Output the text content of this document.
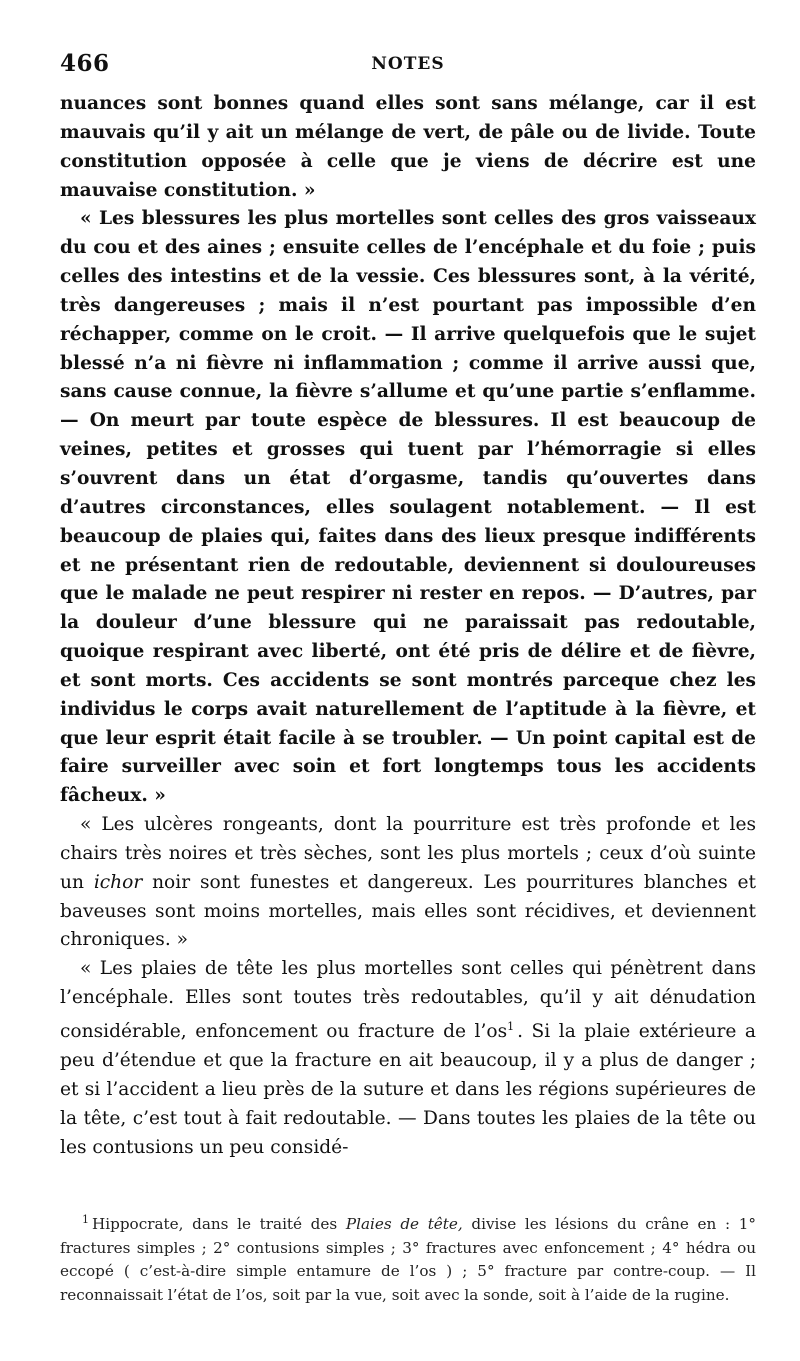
466	NOTES

nuances sont bonnes quand elles sont sans mélange, car il est mauvais qu’il y ait un mélange de vert, de pâle ou de livide. Toute constitution opposée à celle que je viens de décrire est une mauvaise constitution. »

« Les blessures les plus mortelles sont celles des gros vaisseaux du cou et des aines ; ensuite celles de l’encéphale et du foie ; puis celles des intestins et de la vessie. Ces blessures sont, à la vérité, très dangereuses ; mais il n’est pourtant pas impossible d’en réchapper, comme on le croit. — Il arrive quelquefois que le sujet blessé n’a ni fièvre ni inflammation ; comme il arrive aussi que, sans cause connue, la fièvre s’allume et qu’une partie s’enflamme. — On meurt par toute espèce de blessures. Il est beaucoup de veines, petites et grosses qui tuent par l’hémorragie si elles s’ouvrent dans un état d’orgasme, tandis qu’ouvertes dans d’autres circonstances, elles soulagent notablement. — Il est beaucoup de plaies qui, faites dans des lieux presque indifférents et ne présentant rien de redoutable, deviennent si douloureuses que le malade ne peut respirer ni rester en repos. — D’autres, par la douleur d’une blessure qui ne paraissait pas redoutable, quoique respirant avec liberté, ont été pris de délire et de fièvre, et sont morts. Ces accidents se sont montrés parceque chez les individus le corps avait naturellement de l’aptitude à la fièvre, et que leur esprit était facile à se troubler. — Un point capital est de faire surveiller avec soin et fort longtemps tous les accidents fâcheux. »

« Les ulcères rongeants, dont la pourriture est très profonde et les chairs très noires et très sèches, sont les plus mortels ; ceux d’où suinte un ichor noir sont funestes et dangereux. Les pourritures blanches et baveuses sont moins mortelles, mais elles sont récidives, et deviennent chroniques. »

« Les plaies de tête les plus mortelles sont celles qui pénètrent dans l’encéphale. Elles sont toutes très redoutables, qu’il y ait dénudation considérable, enfoncement ou fracture de l’os$^1$ . Si la plaie extérieure a peu d’étendue et que la fracture en ait beaucoup, il y a plus de danger ; et si l’accident a lieu près de la suture et dans les régions supérieures de la tête, c’est tout à fait redoutable. — Dans toutes les plaies de la tête ou les contusions un peu considé-

$^1$ Hippocrate, dans le traité des Plaies de tête, divise les lésions du crâne en : 1° fractures simples ; 2° contusions simples ; 3° fractures avec enfoncement ; 4° hédra ou eccopé ( c’est-à-dire simple entamure de l’os ) ; 5° fracture par contre-coup. — Il reconnaissait l’état de l’os, soit par la vue, soit avec la sonde, soit à l’aide de la rugine.
